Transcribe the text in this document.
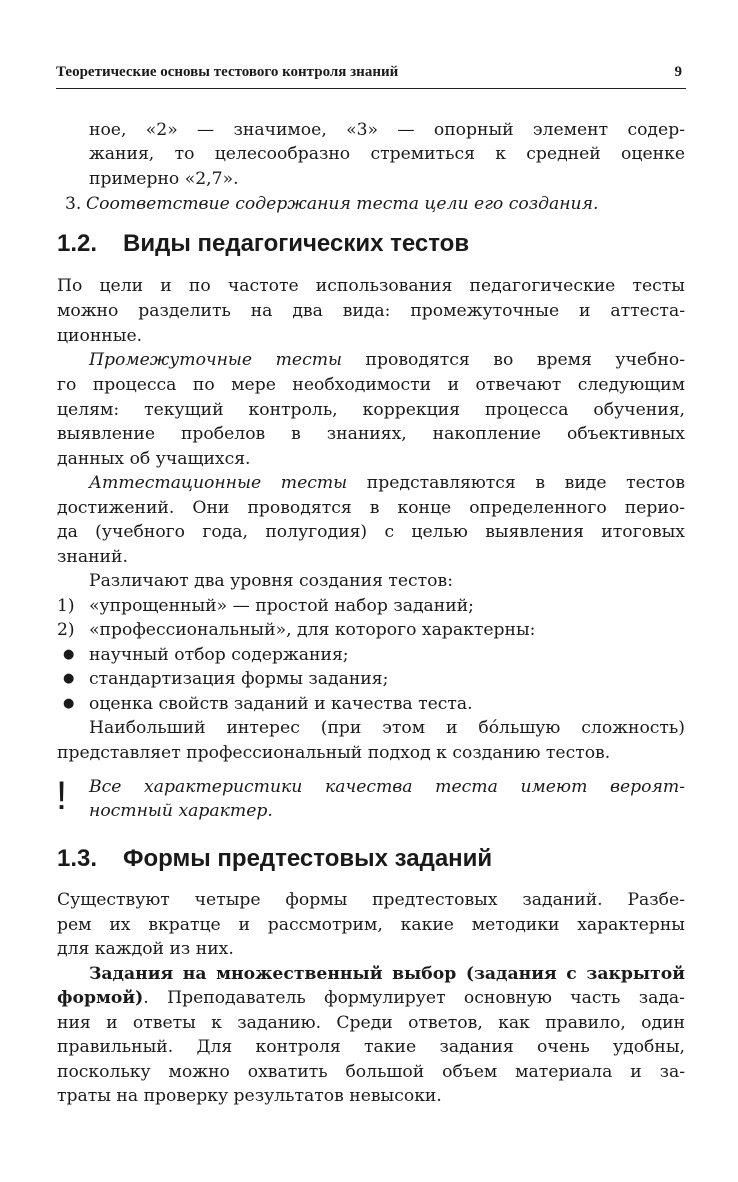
Теоретические основы тестового контроля знаний	9
ное, «2» — значимое, «3» — опорный элемент содер-
жания, то целесообразно стремиться к средней оценке
примерно «2,7».
3. Соответствие содержания теста цели его создания.
1.2. Виды педагогических тестов
По цели и по частоте использования педагогические тесты
можно разделить на два вида: промежуточные и аттеста-
ционные.
Промежуточные тесты проводятся во время учебно-
го процесса по мере необходимости и отвечают следующим
целям: текущий контроль, коррекция процесса обучения,
выявление пробелов в знаниях, накопление объективных
данных об учащихся.
Аттестационные тесты представляются в виде тестов
достижений. Они проводятся в конце определенного перио-
да (учебного года, полугодия) с целью выявления итоговых
знаний.
Различают два уровня создания тестов:
1) «упрощенный» — простой набор заданий;
2) «профессиональный», для которого характерны:
● научный отбор содержания;
● стандартизация формы задания;
● оценка свойств заданий и качества теста.
Наибольший интерес (при этом и бóльшую сложность)
представляет профессиональный подход к созданию тестов.
!	Все характеристики качества теста имеют вероят-
ностный характер.
1.3. Формы предтестовых заданий
Существуют четыре формы предтестовых заданий. Разбе-
рем их вкратце и рассмотрим, какие методики характерны
для каждой из них.
Задания на множественный выбор (задания с закрытой
формой). Преподаватель формулирует основную часть зада-
ния и ответы к заданию. Среди ответов, как правило, один
правильный. Для контроля такие задания очень удобны,
поскольку можно охватить большой объем материала и за-
траты на проверку результатов невысоки.
